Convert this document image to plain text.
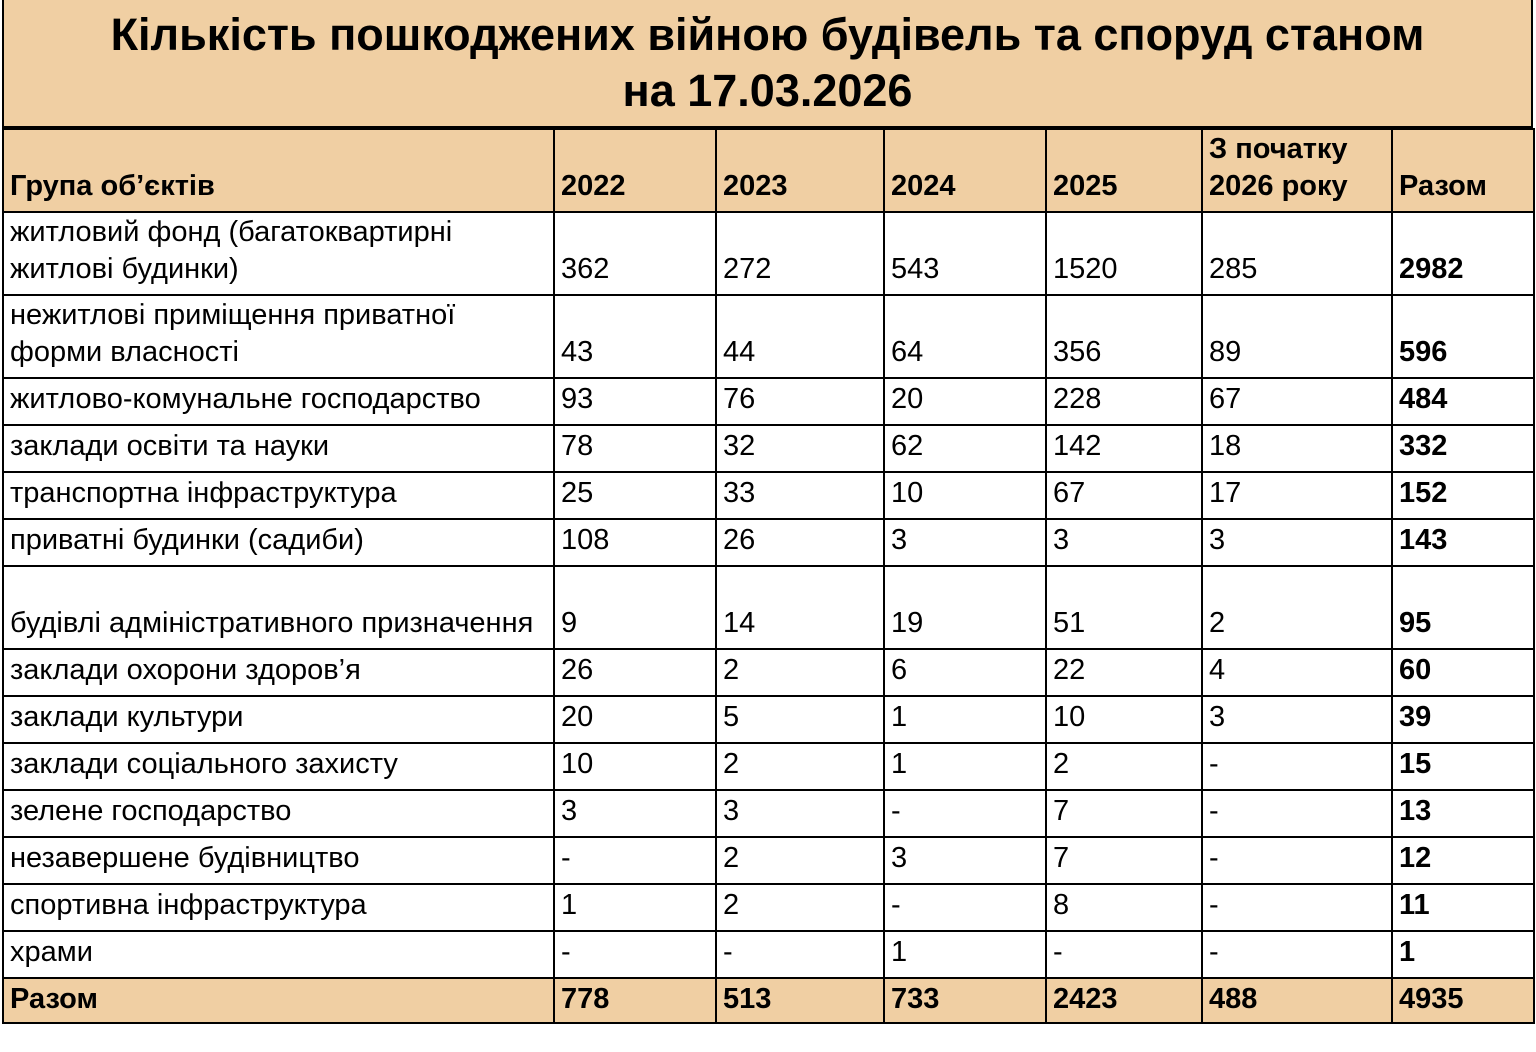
Кількість пошкоджених війною будівель та споруд станом
на 17.03.2026
Група об’єктів	2022	2023	2024	2025	З початку 2026 року	Разом
житловий фонд (багатоквартирні житлові будинки)	362	272	543	1520	285	2982
нежитлові приміщення приватної форми власності	43	44	64	356	89	596
житлово-комунальне господарство	93	76	20	228	67	484
заклади освіти та науки	78	32	62	142	18	332
транспортна інфраструктура	25	33	10	67	17	152
приватні будинки (садиби)	108	26	3	3	3	143
будівлі адміністративного призначення	9	14	19	51	2	95
заклади охорони здоров’я	26	2	6	22	4	60
заклади культури	20	5	1	10	3	39
заклади соціального захисту	10	2	1	2	-	15
зелене господарство	3	3	-	7	-	13
незавершене будівництво	-	2	3	7	-	12
спортивна інфраструктура	1	2	-	8	-	11
храми	-	-	1	-	-	1
Разом	778	513	733	2423	488	4935
